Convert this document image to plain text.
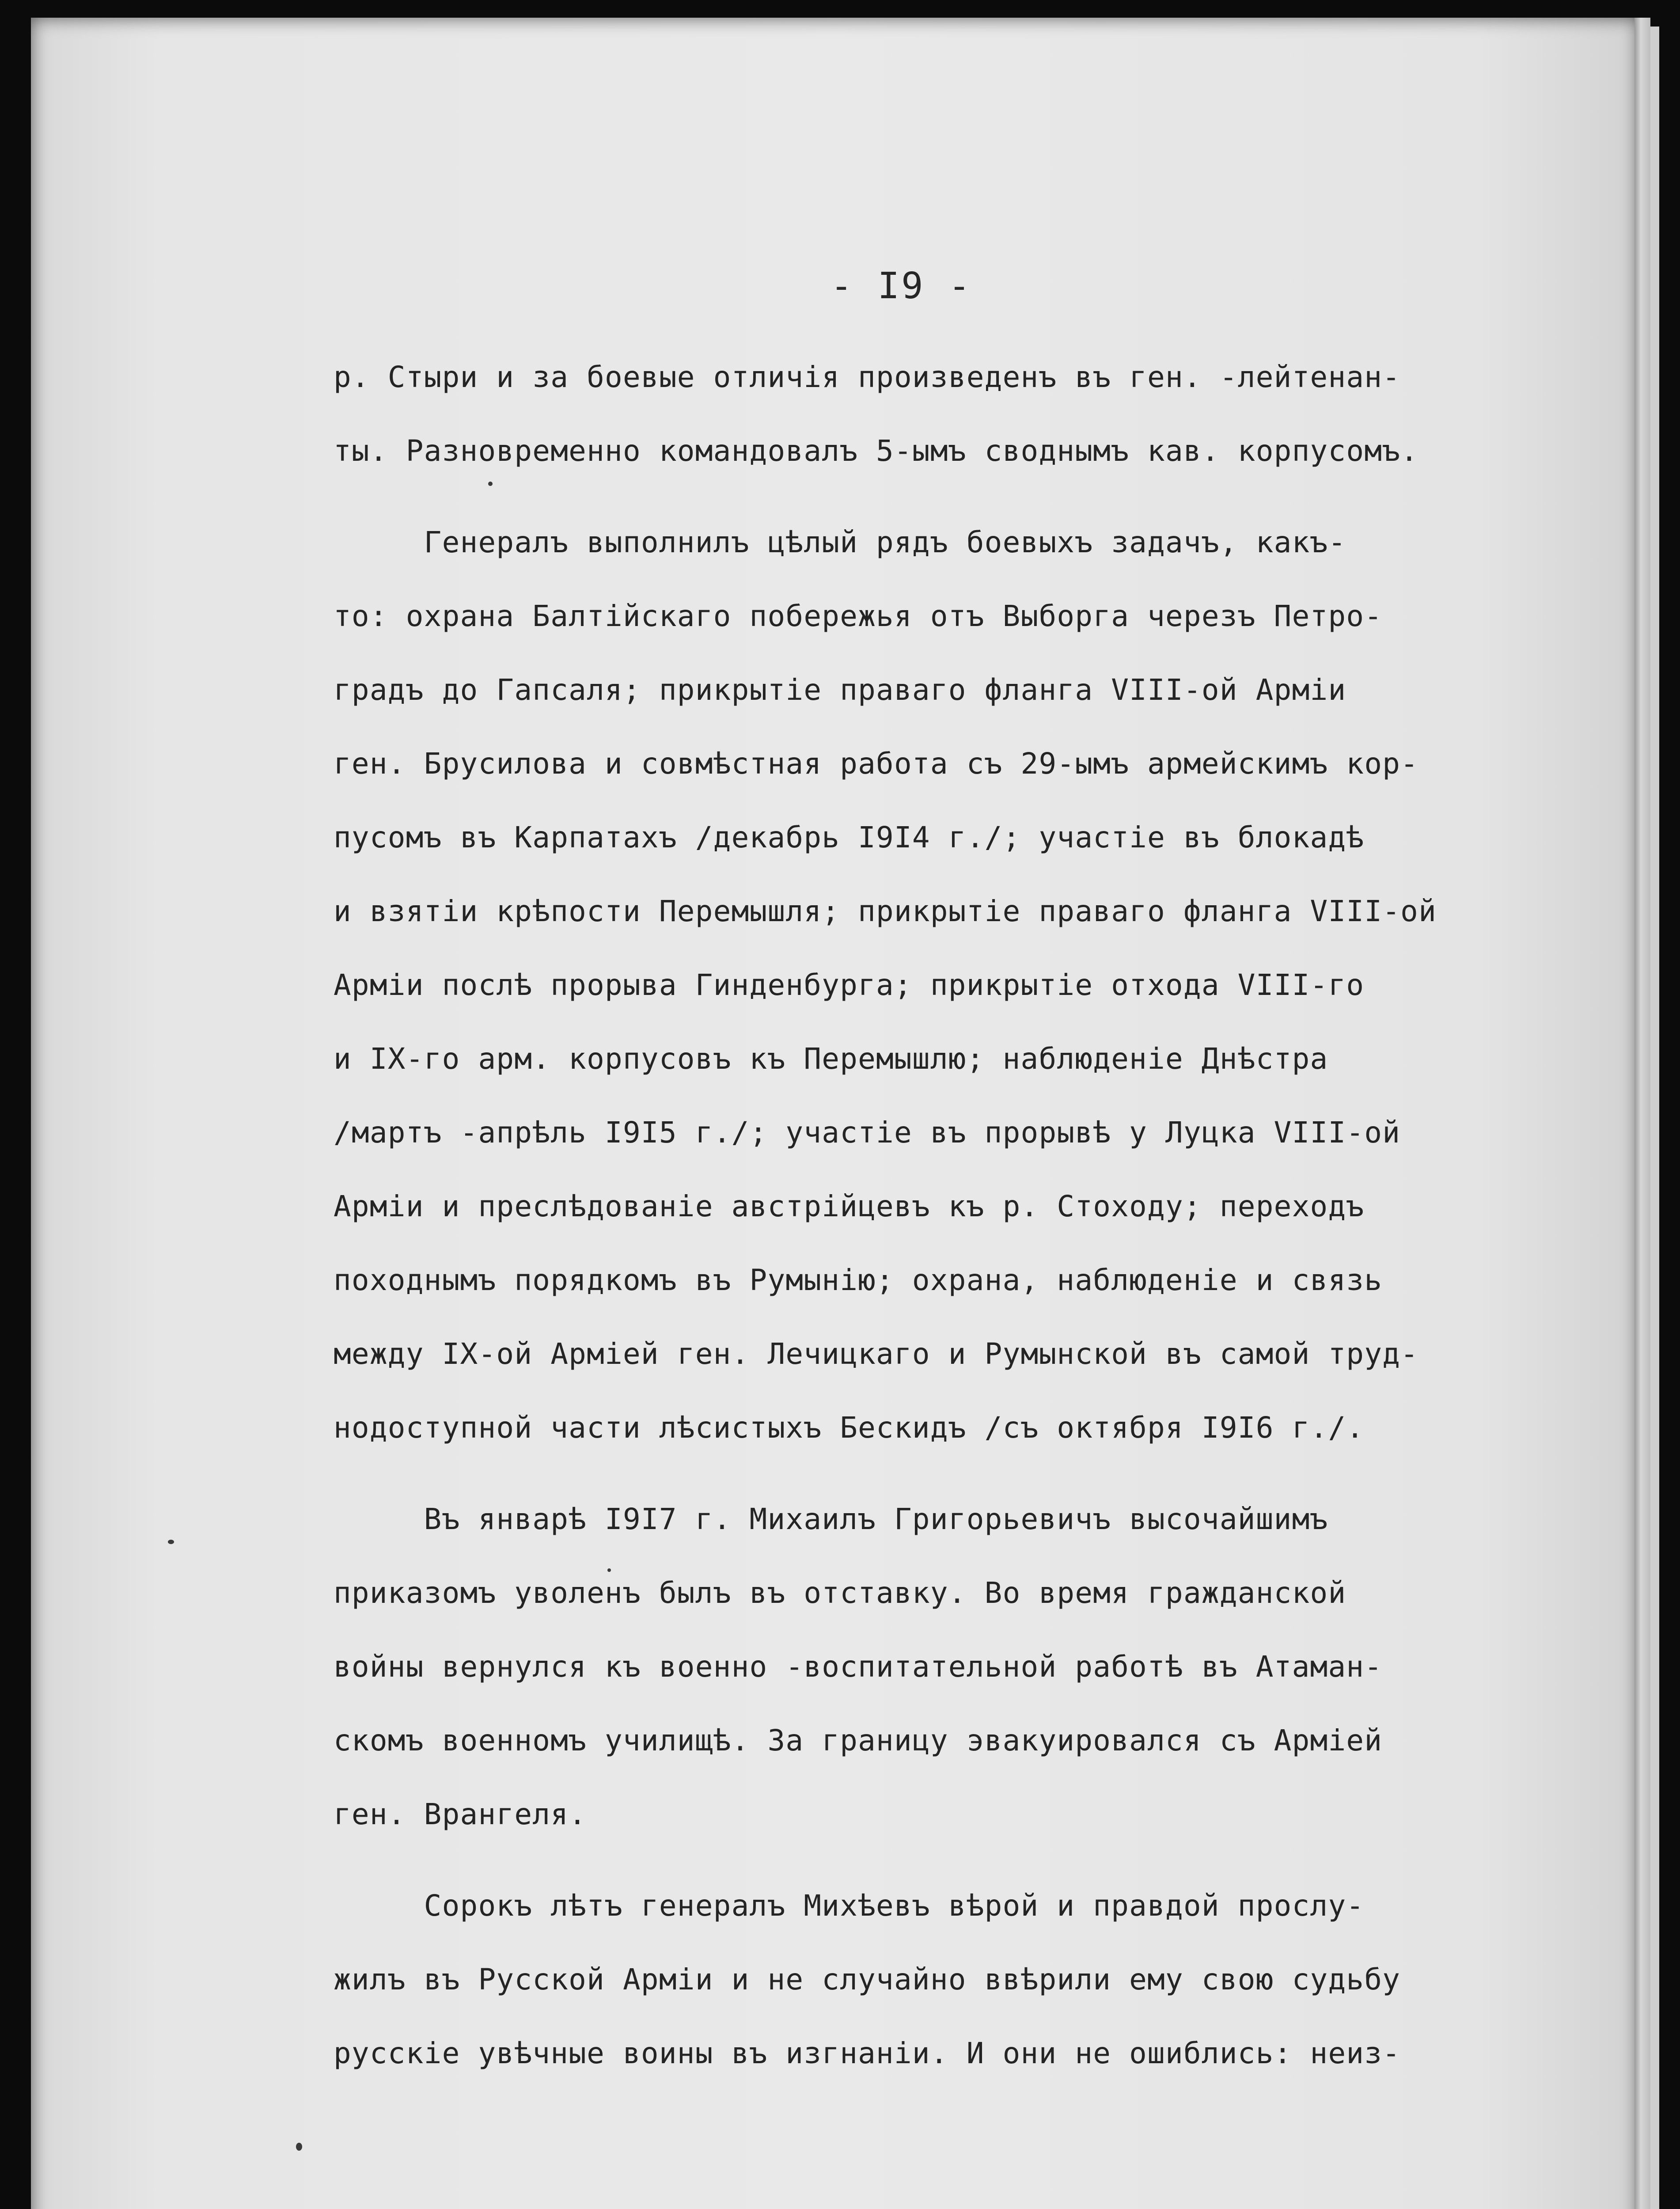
- I9 -
р. Стыри и за боевые отличія произведенъ въ ген. -лейтенан-
ты. Разновременно командовалъ 5-ымъ своднымъ кав. корпусомъ.
Генералъ выполнилъ цѣлый рядъ боевыхъ задачъ, какъ-
то: охрана Балтійскаго побережья отъ Выборга черезъ Петро-
градъ до Гапсаля; прикрытіе праваго фланга VIII-ой Арміи
ген. Брусилова и совмѣстная работа съ 29-ымъ армейскимъ кор-
пусомъ въ Карпатахъ /декабрь I9I4 г./; участіе въ блокадѣ
и взятіи крѣпости Перемышля; прикрытіе праваго фланга VIII-ой
Арміи послѣ прорыва Гинденбурга; прикрытіе отхода VIII-го
и IX-го арм. корпусовъ къ Перемышлю; наблюденіе Днѣстра
/мартъ -апрѣль I9I5 г./; участіе въ прорывѣ у Луцка VIII-ой
Арміи и преслѣдованіе австрійцевъ къ р. Стоходу; переходъ
походнымъ порядкомъ въ Румынію; охрана, наблюденіе и связь
между IX-ой Арміей ген. Лечицкаго и Румынской въ самой труд-
нодоступной части лѣсистыхъ Бескидъ /съ октября I9I6 г./.
Въ январѣ I9I7 г. Михаилъ Григорьевичъ высочайшимъ
приказомъ уволенъ былъ въ отставку. Во время гражданской
войны вернулся къ военно -воспитательной работѣ въ Атаман-
скомъ военномъ училищѣ. За границу эвакуировался съ Арміей
ген. Врангеля.
Сорокъ лѣтъ генералъ Михѣевъ вѣрой и правдой прослу-
жилъ въ Русской Арміи и не случайно ввѣрили ему свою судьбу
русскіе увѣчные воины въ изгнаніи. И они не ошиблись: неиз-
